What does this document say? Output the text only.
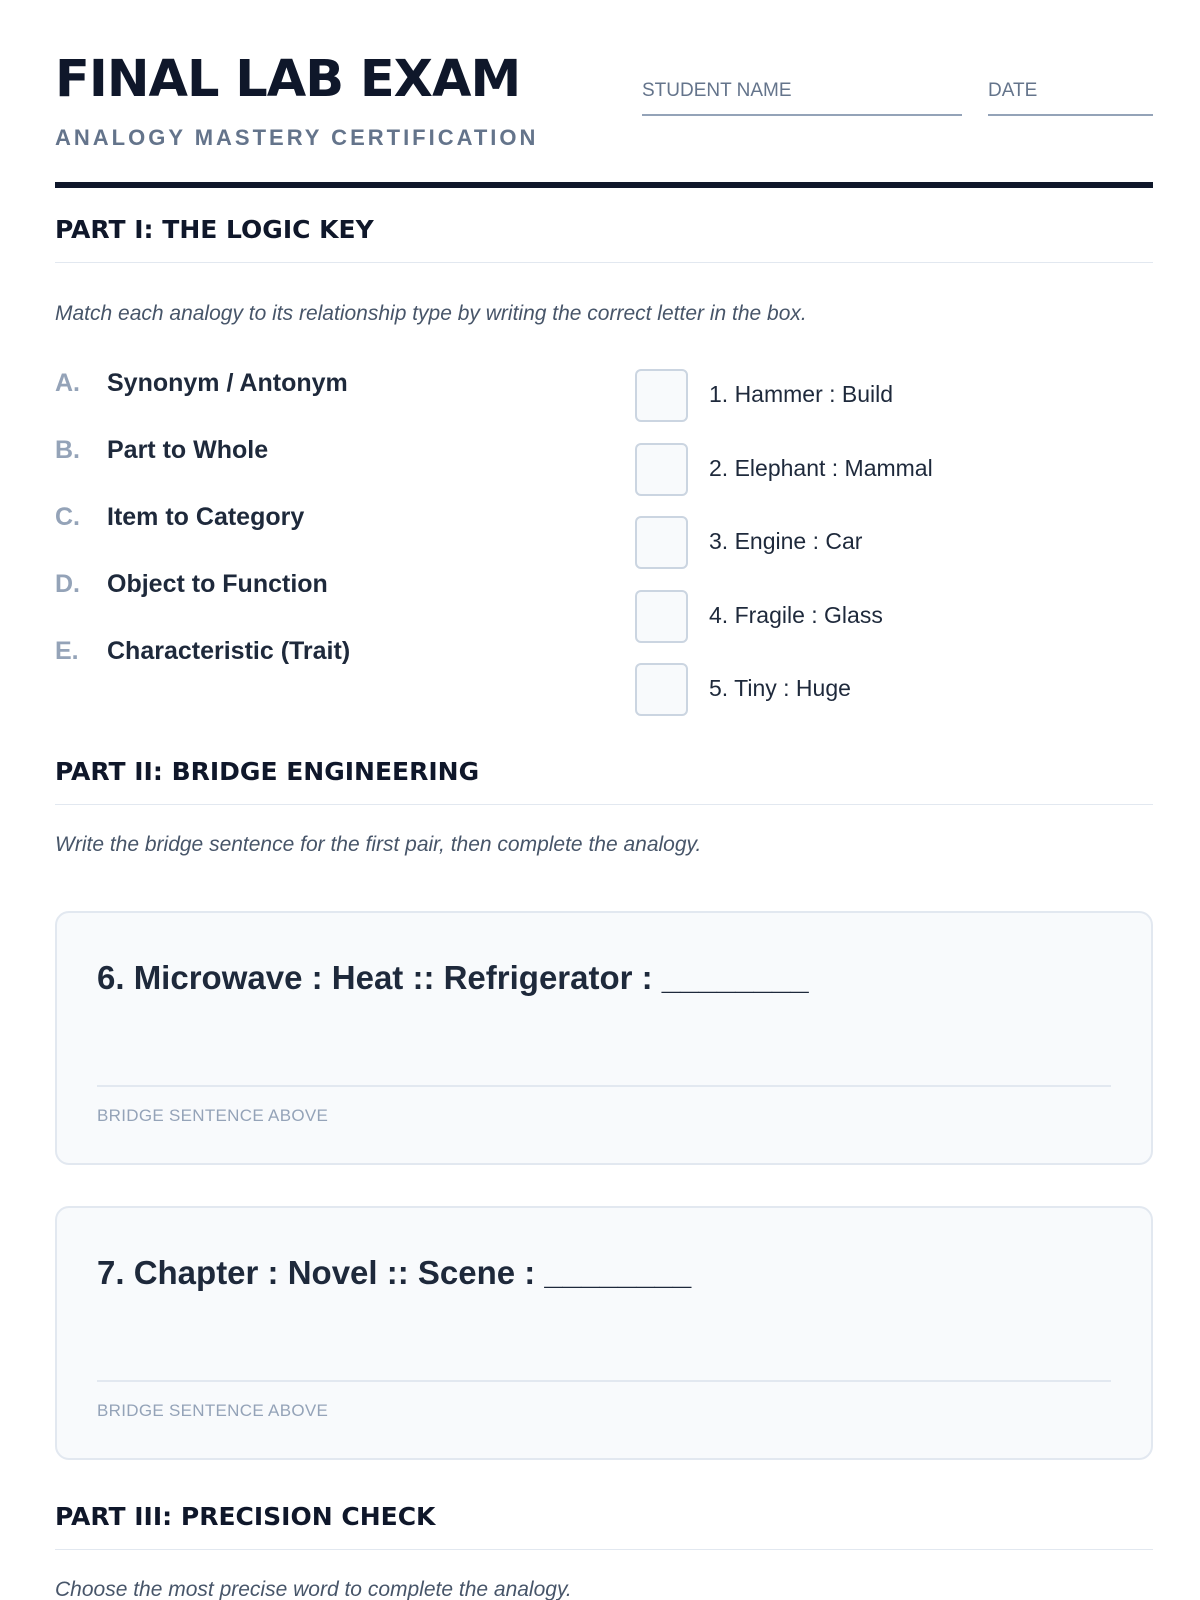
FINAL LAB EXAM
ANALOGY MASTERY CERTIFICATION
STUDENT NAME	DATE
PART I: THE LOGIC KEY
Match each analogy to its relationship type by writing the correct letter in the box.
A.	Synonym / Antonym
B.	Part to Whole
C.	Item to Category
D.	Object to Function
E.	Characteristic (Trait)
1. Hammer : Build
2. Elephant : Mammal
3. Engine : Car
4. Fragile : Glass
5. Tiny : Huge
PART II: BRIDGE ENGINEERING
Write the bridge sentence for the first pair, then complete the analogy.
6. Microwave : Heat :: Refrigerator : ________
BRIDGE SENTENCE ABOVE
7. Chapter : Novel :: Scene : ________
BRIDGE SENTENCE ABOVE
PART III: PRECISION CHECK
Choose the most precise word to complete the analogy.
